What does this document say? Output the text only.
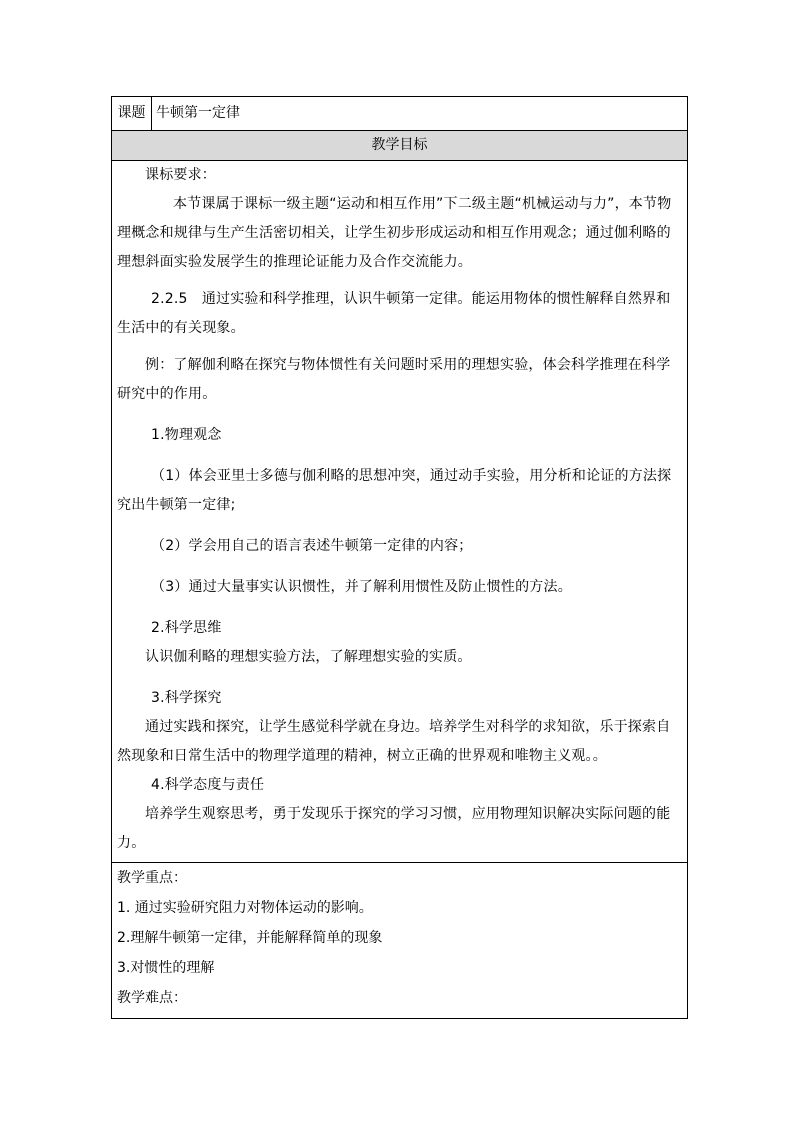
课题	牛顿第一定律
教学目标

课标要求：

本节课属于课标一级主题“运动和相互作用”下二级主题“机械运动与力”，本节物理概念和规律与生产生活密切相关，让学生初步形成运动和相互作用观念；通过伽利略的理想斜面实验发展学生的推理论证能力及合作交流能力。

2.2.5　通过实验和科学推理，认识牛顿第一定律。能运用物体的惯性解释自然界和生活中的有关现象。

例：了解伽利略在探究与物体惯性有关问题时采用的理想实验，体会科学推理在科学研究中的作用。

1.物理观念

（1）体会亚里士多德与伽利略的思想冲突，通过动手实验，用分析和论证的方法探究出牛顿第一定律;

（2）学会用自己的语言表述牛顿第一定律的内容；

（3）通过大量事实认识惯性，并了解利用惯性及防止惯性的方法。

2.科学思维

认识伽利略的理想实验方法，了解理想实验的实质。

3.科学探究

通过实践和探究，让学生感觉科学就在身边。培养学生对科学的求知欲，乐于探索自然现象和日常生活中的物理学道理的精神，树立正确的世界观和唯物主义观。。

4.科学态度与责任

培养学生观察思考，勇于发现乐于探究的学习习惯，应用物理知识解决实际问题的能力。

教学重点：

1. 通过实验研究阻力对物体运动的影响。

2.理解牛顿第一定律，并能解释简单的现象

3.对惯性的理解

教学难点：
